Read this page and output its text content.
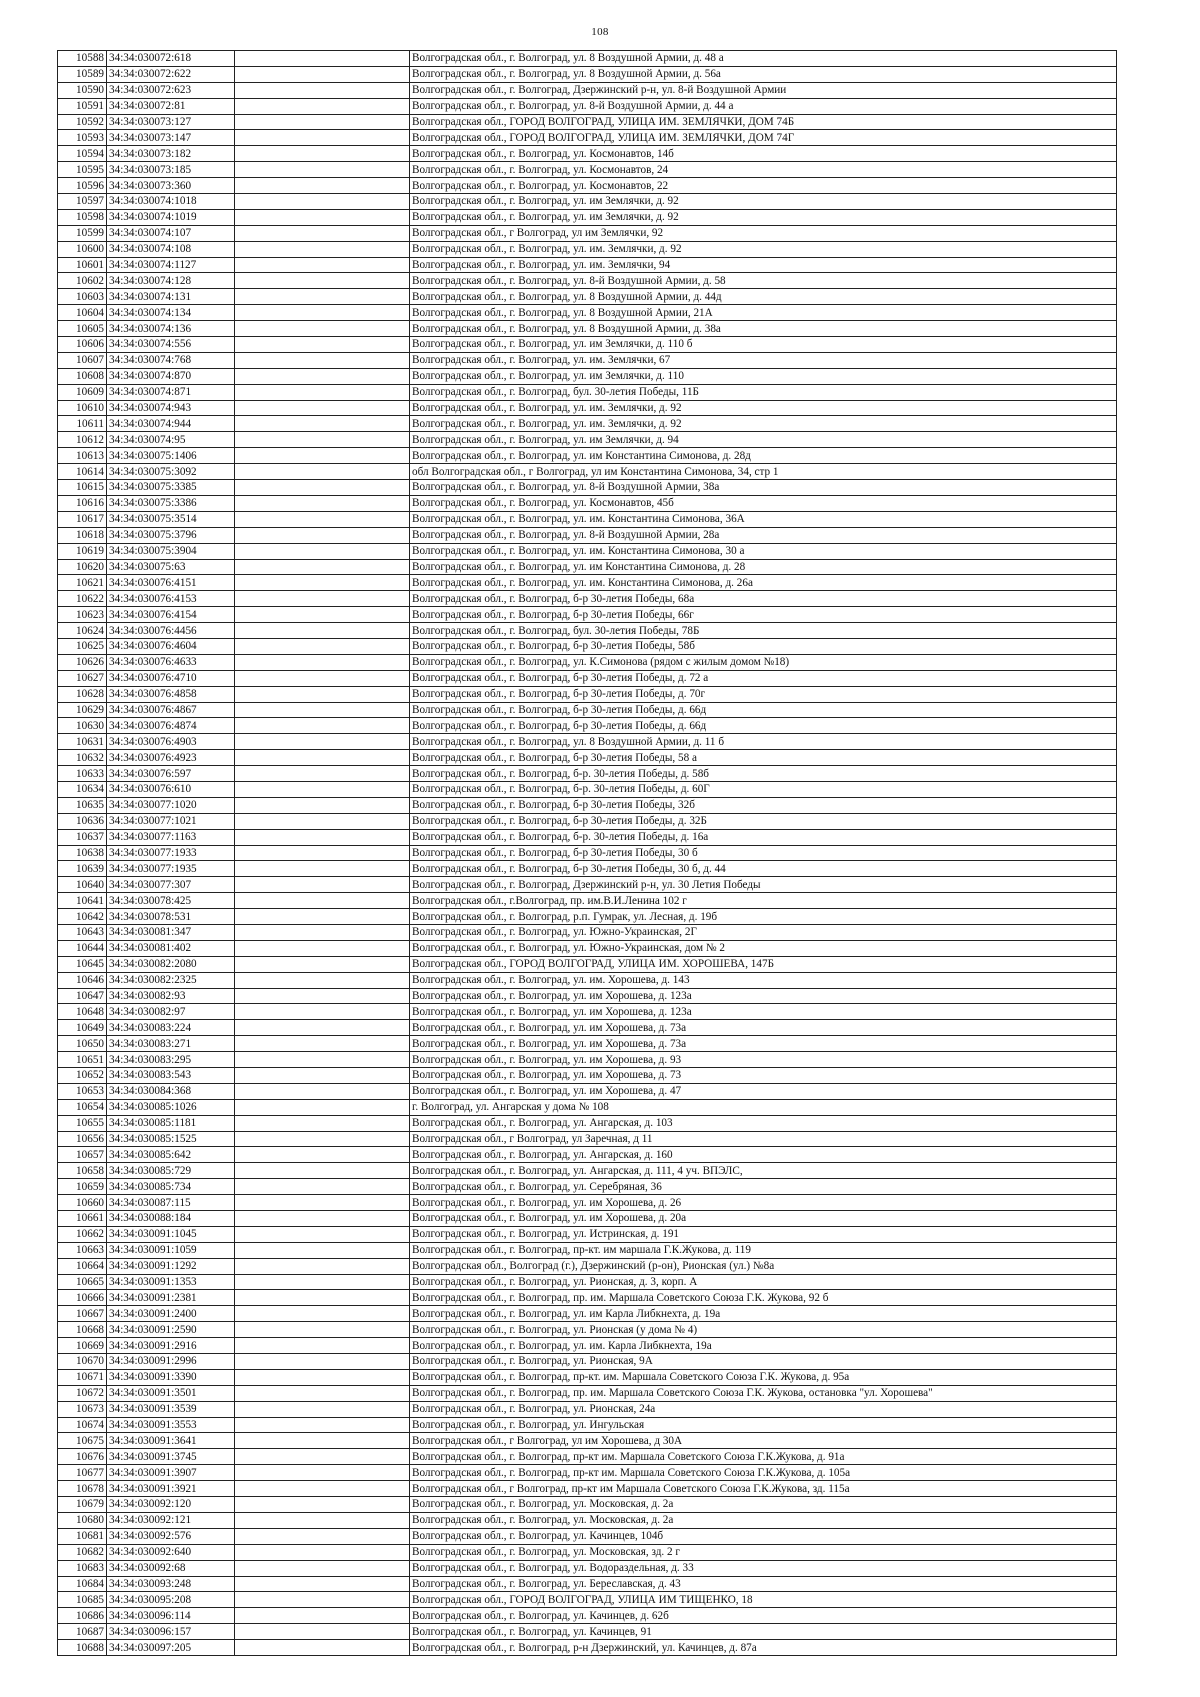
108
10588	34:34:030072:618		Волгоградская обл., г. Волгоград, ул. 8 Воздушной Армии, д. 48 а
10589	34:34:030072:622		Волгоградская обл., г. Волгоград, ул. 8 Воздушной Армии, д. 56а
10590	34:34:030072:623		Волгоградская обл., г. Волгоград, Дзержинский р-н, ул. 8-й Воздушной Армии
10591	34:34:030072:81		Волгоградская обл., г. Волгоград, ул. 8-й Воздушной Армии, д. 44 а
10592	34:34:030073:127		Волгоградская обл., ГОРОД ВОЛГОГРАД, УЛИЦА ИМ. ЗЕМЛЯЧКИ, ДОМ 74Б
10593	34:34:030073:147		Волгоградская обл., ГОРОД ВОЛГОГРАД, УЛИЦА ИМ. ЗЕМЛЯЧКИ, ДОМ 74Г
10594	34:34:030073:182		Волгоградская обл., г. Волгоград, ул. Космонавтов, 14б
10595	34:34:030073:185		Волгоградская обл., г. Волгоград, ул. Космонавтов, 24
10596	34:34:030073:360		Волгоградская обл., г. Волгоград, ул. Космонавтов, 22
10597	34:34:030074:1018		Волгоградская обл., г. Волгоград, ул. им Землячки, д. 92
10598	34:34:030074:1019		Волгоградская обл., г. Волгоград, ул. им Землячки, д. 92
10599	34:34:030074:107		Волгоградская обл., г Волгоград, ул им Землячки, 92
10600	34:34:030074:108		Волгоградская обл., г. Волгоград, ул. им. Землячки, д. 92
10601	34:34:030074:1127		Волгоградская обл., г. Волгоград, ул. им. Землячки, 94
10602	34:34:030074:128		Волгоградская обл., г. Волгоград, ул. 8-й Воздушной Армии, д. 58
10603	34:34:030074:131		Волгоградская обл., г. Волгоград, ул. 8 Воздушной Армии, д. 44д
10604	34:34:030074:134		Волгоградская обл., г. Волгоград, ул. 8 Воздушной Армии, 21А
10605	34:34:030074:136		Волгоградская обл., г. Волгоград, ул. 8 Воздушной Армии, д. 38а
10606	34:34:030074:556		Волгоградская обл., г. Волгоград, ул. им Землячки, д. 110 б
10607	34:34:030074:768		Волгоградская обл., г. Волгоград, ул. им. Землячки, 67
10608	34:34:030074:870		Волгоградская обл., г. Волгоград, ул. им Землячки, д. 110
10609	34:34:030074:871		Волгоградская обл., г. Волгоград, бул. 30-летия Победы, 11Б
10610	34:34:030074:943		Волгоградская обл., г. Волгоград, ул. им. Землячки, д. 92
10611	34:34:030074:944		Волгоградская обл., г. Волгоград, ул. им. Землячки, д. 92
10612	34:34:030074:95		Волгоградская обл., г. Волгоград, ул. им Землячки, д. 94
10613	34:34:030075:1406		Волгоградская обл., г. Волгоград, ул. им Константина Симонова, д. 28д
10614	34:34:030075:3092		обл Волгоградская обл., г Волгоград, ул им Константина Симонова, 34, стр 1
10615	34:34:030075:3385		Волгоградская обл., г. Волгоград, ул. 8-й Воздушной Армии, 38а
10616	34:34:030075:3386		Волгоградская обл., г. Волгоград, ул. Космонавтов, 45б
10617	34:34:030075:3514		Волгоградская обл., г. Волгоград, ул. им. Константина Симонова, 36А
10618	34:34:030075:3796		Волгоградская обл., г. Волгоград, ул. 8-й Воздушной Армии, 28а
10619	34:34:030075:3904		Волгоградская обл., г. Волгоград, ул. им. Константина Симонова, 30 а
10620	34:34:030075:63		Волгоградская обл., г. Волгоград, ул. им Константина Симонова, д. 28
10621	34:34:030076:4151		Волгоградская обл., г. Волгоград, ул. им. Константина Симонова, д. 26а
10622	34:34:030076:4153		Волгоградская обл., г. Волгоград, б-р 30-летия Победы, 68а
10623	34:34:030076:4154		Волгоградская обл., г. Волгоград, б-р 30-летия Победы, 66г
10624	34:34:030076:4456		Волгоградская обл., г. Волгоград, бул. 30-летия Победы, 78Б
10625	34:34:030076:4604		Волгоградская обл., г. Волгоград, б-р 30-летия Победы, 58б
10626	34:34:030076:4633		Волгоградская обл., г. Волгоград, ул. К.Симонова (рядом с жилым домом №18)
10627	34:34:030076:4710		Волгоградская обл., г. Волгоград, б-р 30-летия Победы, д. 72 а
10628	34:34:030076:4858		Волгоградская обл., г. Волгоград, б-р 30-летия Победы, д. 70г
10629	34:34:030076:4867		Волгоградская обл., г. Волгоград, б-р 30-летия Победы, д. 66д
10630	34:34:030076:4874		Волгоградская обл., г. Волгоград, б-р 30-летия Победы, д. 66д
10631	34:34:030076:4903		Волгоградская обл., г. Волгоград, ул. 8 Воздушной Армии, д. 11 б
10632	34:34:030076:4923		Волгоградская обл., г. Волгоград, б-р 30-летия Победы, 58 а
10633	34:34:030076:597		Волгоградская обл., г. Волгоград, б-р. 30-летия Победы, д. 58б
10634	34:34:030076:610		Волгоградская обл., г. Волгоград, б-р. 30-летия Победы, д. 60Г
10635	34:34:030077:1020		Волгоградская обл., г. Волгоград, б-р 30-летия Победы, 32б
10636	34:34:030077:1021		Волгоградская обл., г. Волгоград, б-р 30-летия Победы, д. 32Б
10637	34:34:030077:1163		Волгоградская обл., г. Волгоград, б-р. 30-летия Победы, д. 16а
10638	34:34:030077:1933		Волгоградская обл., г. Волгоград, б-р 30-летия Победы, 30 б
10639	34:34:030077:1935		Волгоградская обл., г. Волгоград, б-р 30-летия Победы, 30 б, д. 44
10640	34:34:030077:307		Волгоградская обл., г. Волгоград, Дзержинский р-н, ул. 30 Летия Победы
10641	34:34:030078:425		Волгоградская обл., г.Волгоград, пр. им.В.И.Ленина 102 г
10642	34:34:030078:531		Волгоградская обл., г. Волгоград, р.п. Гумрак, ул. Лесная, д. 19б
10643	34:34:030081:347		Волгоградская обл., г. Волгоград, ул. Южно-Украинская, 2Г
10644	34:34:030081:402		Волгоградская обл., г. Волгоград, ул. Южно-Украинская, дом № 2
10645	34:34:030082:2080		Волгоградская обл., ГОРОД ВОЛГОГРАД, УЛИЦА ИМ. ХОРОШЕВА, 147Б
10646	34:34:030082:2325		Волгоградская обл., г. Волгоград, ул. им. Хорошева, д. 143
10647	34:34:030082:93		Волгоградская обл., г. Волгоград, ул. им Хорошева, д. 123а
10648	34:34:030082:97		Волгоградская обл., г. Волгоград, ул. им Хорошева, д. 123а
10649	34:34:030083:224		Волгоградская обл., г. Волгоград, ул. им Хорошева, д. 73а
10650	34:34:030083:271		Волгоградская обл., г. Волгоград, ул. им Хорошева, д. 73а
10651	34:34:030083:295		Волгоградская обл., г. Волгоград, ул. им Хорошева, д. 93
10652	34:34:030083:543		Волгоградская обл., г. Волгоград, ул. им Хорошева, д. 73
10653	34:34:030084:368		Волгоградская обл., г. Волгоград, ул. им Хорошева, д. 47
10654	34:34:030085:1026		г. Волгоград, ул. Ангарская у дома № 108
10655	34:34:030085:1181		Волгоградская обл., г. Волгоград, ул. Ангарская, д. 103
10656	34:34:030085:1525		Волгоградская обл., г Волгоград, ул Заречная, д 11
10657	34:34:030085:642		Волгоградская обл., г. Волгоград, ул. Ангарская, д. 160
10658	34:34:030085:729		Волгоградская обл., г. Волгоград, ул. Ангарская, д. 111, 4 уч. ВПЭЛС,
10659	34:34:030085:734		Волгоградская обл., г. Волгоград, ул. Серебряная, 36
10660	34:34:030087:115		Волгоградская обл., г. Волгоград, ул. им Хорошева, д. 26
10661	34:34:030088:184		Волгоградская обл., г. Волгоград, ул. им Хорошева, д. 20а
10662	34:34:030091:1045		Волгоградская обл., г. Волгоград, ул. Истринская, д. 191
10663	34:34:030091:1059		Волгоградская обл., г. Волгоград, пр-кт. им маршала Г.К.Жукова, д. 119
10664	34:34:030091:1292		Волгоградская обл., Волгоград (г.), Дзержинский (р-он), Рионская (ул.) №8а
10665	34:34:030091:1353		Волгоградская обл., г. Волгоград, ул. Рионская, д. 3, корп. А
10666	34:34:030091:2381		Волгоградская обл., г. Волгоград, пр. им. Маршала Советского Союза Г.К. Жукова, 92 б
10667	34:34:030091:2400		Волгоградская обл., г. Волгоград, ул. им Карла Либкнехта, д. 19а
10668	34:34:030091:2590		Волгоградская обл., г. Волгоград, ул. Рионская (у дома № 4)
10669	34:34:030091:2916		Волгоградская обл., г. Волгоград, ул. им. Карла Либкнехта, 19а
10670	34:34:030091:2996		Волгоградская обл., г. Волгоград, ул. Рионская, 9А
10671	34:34:030091:3390		Волгоградская обл., г. Волгоград, пр-кт. им. Маршала Советского Союза Г.К. Жукова, д. 95а
10672	34:34:030091:3501		Волгоградская обл., г. Волгоград, пр. им. Маршала Советского Союза Г.К. Жукова, остановка "ул. Хорошева"
10673	34:34:030091:3539		Волгоградская обл., г. Волгоград, ул. Рионская, 24а
10674	34:34:030091:3553		Волгоградская обл., г. Волгоград, ул. Ингульская
10675	34:34:030091:3641		Волгоградская обл., г Волгоград, ул им Хорошева, д 30А
10676	34:34:030091:3745		Волгоградская обл., г. Волгоград, пр-кт им. Маршала Советского Союза Г.К.Жукова, д. 91а
10677	34:34:030091:3907		Волгоградская обл., г. Волгоград, пр-кт им. Маршала Советского Союза Г.К.Жукова, д. 105а
10678	34:34:030091:3921		Волгоградская обл., г Волгоград, пр-кт им Маршала Советского Союза Г.К.Жукова, зд. 115а
10679	34:34:030092:120		Волгоградская обл., г. Волгоград, ул. Московская, д. 2а
10680	34:34:030092:121		Волгоградская обл., г. Волгоград, ул. Московская, д. 2а
10681	34:34:030092:576		Волгоградская обл., г. Волгоград, ул. Качинцев, 104б
10682	34:34:030092:640		Волгоградская обл., г. Волгоград, ул. Московская, зд. 2 г
10683	34:34:030092:68		Волгоградская обл., г. Волгоград, ул. Водораздельная, д. 33
10684	34:34:030093:248		Волгоградская обл., г. Волгоград, ул. Береславская, д. 43
10685	34:34:030095:208		Волгоградская обл., ГОРОД ВОЛГОГРАД, УЛИЦА ИМ ТИЩЕНКО, 18
10686	34:34:030096:114		Волгоградская обл., г. Волгоград, ул. Качинцев, д. 62б
10687	34:34:030096:157		Волгоградская обл., г. Волгоград, ул. Качинцев, 91
10688	34:34:030097:205		Волгоградская обл., г. Волгоград, р-н Дзержинский, ул. Качинцев, д. 87а
